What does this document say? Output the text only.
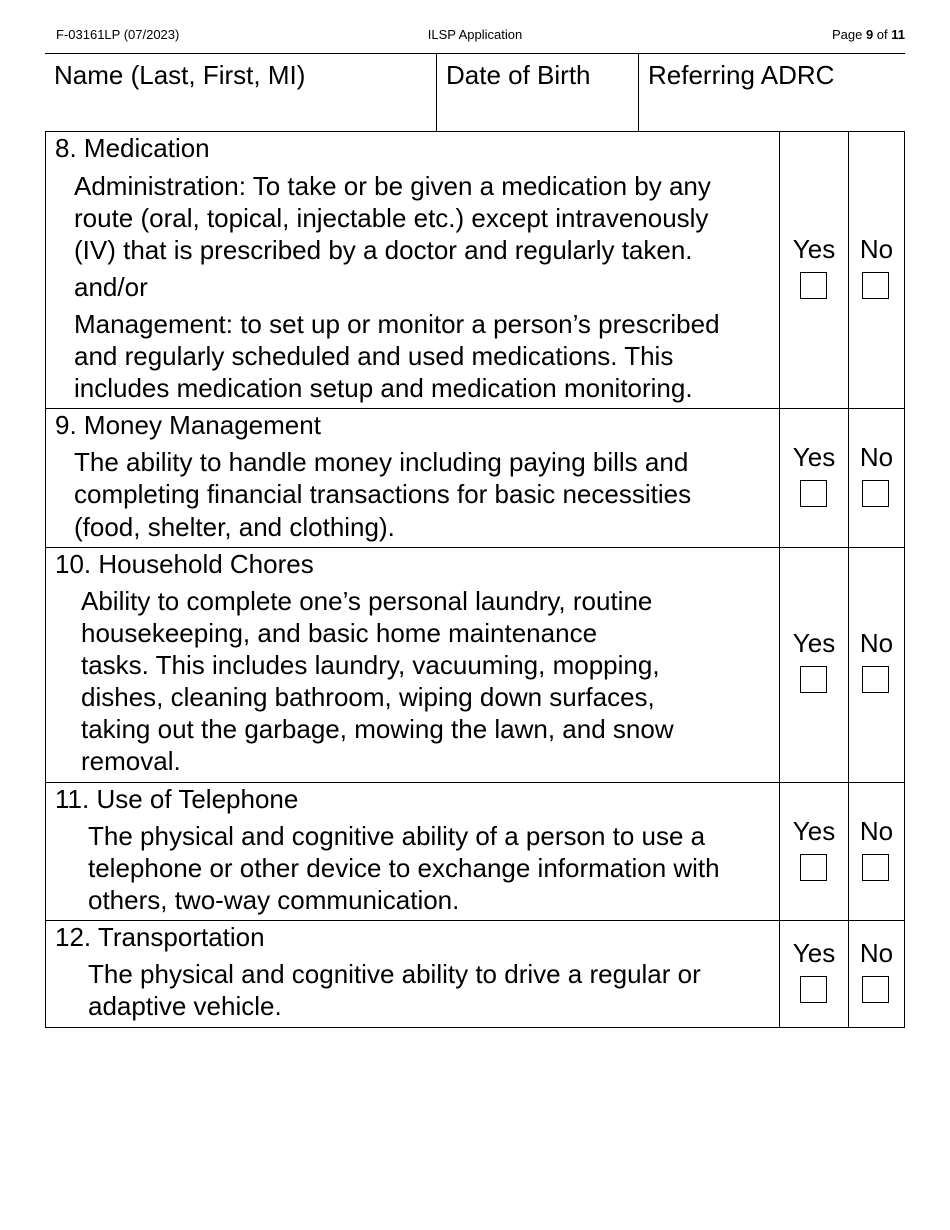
F-03161LP (07/2023)	ILSP Application	Page 9 of 11
Name (Last, First, MI)	Date of Birth	Referring ADRC
8. Medication
Administration: To take or be given a medication by any
route (oral, topical, injectable etc.) except intravenously
(IV) that is prescribed by a doctor and regularly taken.
and/or
Management: to set up or monitor a person’s prescribed
and regularly scheduled and used medications. This
includes medication setup and medication monitoring.
Yes No
9. Money Management
The ability to handle money including paying bills and
completing financial transactions for basic necessities
(food, shelter, and clothing).
Yes No
10. Household Chores
Ability to complete one’s personal laundry, routine
housekeeping, and basic home maintenance
tasks. This includes laundry, vacuuming, mopping,
dishes, cleaning bathroom, wiping down surfaces,
taking out the garbage, mowing the lawn, and snow
removal.
Yes No
11. Use of Telephone
The physical and cognitive ability of a person to use a
telephone or other device to exchange information with
others, two-way communication.
Yes No
12. Transportation
The physical and cognitive ability to drive a regular or
adaptive vehicle.
Yes No
